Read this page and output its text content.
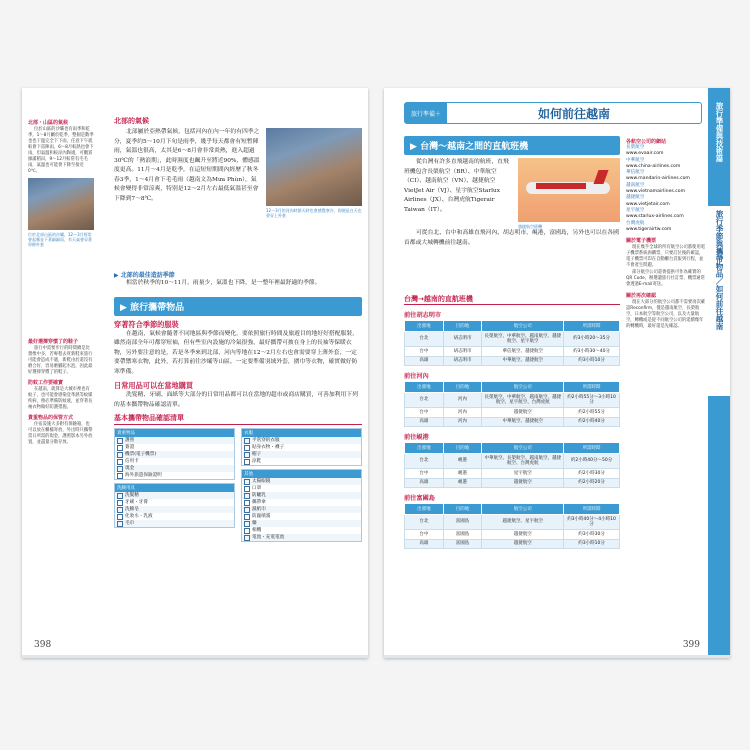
北部・山區的氣候

位於山區的沙壩也有雨季和乾季，1～8月屬於乾季，整個是數季也也干溫完全下下雨，任意下午就較會下雷陣雨，6～8月較熱也會下雨，但氣溫和較涼內陶適，可觀賞綠滿稻田，9～12月較常有毛毛雨，氣溫也可能會下降至接近0℃。

位於北部山區的沙壩，12～3月經常會起霧並下著細細雨，有天氣會穿著厚棉外套
最好選擇穿慣了的鞋子

旅行中需要步行的時間總是比想像中多，若專程去買新鞋來旅行可能會造成不適，新鞋由於還沒有磨合好，容易磨腳起水泡，因此最好選擇穿慣了的鞋子。

防蚊工作要確實

在越南，就算是大城市裡也有蚊子，也可能會感染登革熱等蚊媒疾病，務必準備防蚊液，並穿著長袖衣物做好防護措施。

貴重物品的保管方式

住宿設施大多附有保險箱，也可以放在櫃檯寄放，外出時只攜帶當日所需的現金，護照影本另外放置，並盡量分散存放。

北部的氣候

北部屬於亞熱帶氣候，包括河內在內一年約有四季之分，夏季約5～10月下旬是雨季，幾乎每天都會有短暫陣雨，氣溫也很高，太其是6～8月會非常炎熱，進入超過30℃的「熱浪期」，此時濕度也飆升至將近90%，體感溫度更高。11月～4月是乾季，在這短短期間內經歷了秋冬春3季，1～4月會下毛毛雨（越南文為Mưa Phùn），氣候會變得非常涼爽，特別是12～2月左右最低氣溫甚至會下降到7～8℃。

12～3月的河內時節天時也會感覺寒冷，即便是白天也要穿上外套
▶ 北部的最佳造訪季節

相當於秋季的10～11月，雨量少，氣溫也下降，是一整年裡最舒適的季節。

▶ 旅行攜帶物品
穿著符合季節的服裝

在越南，氣候會隨著不同地區與季節而變化，要依照旅行時間及旅遊目的地好好搭配服裝，雖然南部全年可都穿短袖，但有些室內設施的冷氣很強，最好攜帶可披在身上的長袖等保暖衣物，另外要注意的是，若是冬季來到北部，河內等地在12～2月左右也會需要穿上薄外套，一定要帶禦寒衣物，此外，若打算前往沙壩等山區，一定要準備羽絨外套，圍巾等衣物，確實做好防寒準備。

日常用品可以在當地購買

洗髮精、牙刷、面紙等大部分的日常用品都可以在當地的超市或商店購買，可善加利用下列的基本攜帶物品確認清單。

基本攜帶物品確認清單
貴重物品
護照
簽證
機票(電子機票)
信用卡
現金
海外旅遊保險證明
洗臉用具
洗髮精
牙刷・牙膏
洗臉皂
化妝水・乳液
毛巾
衣服
平常穿的衣服
貼身衣物・襪子
帽子
涼鞋
其他
太陽眼鏡
口罩
防曬乳
攜帶傘
濕紙巾
防蟲噴霧
藥
相機
電池・充電電池
398
旅行準備＋	如何前往越南	旅行準備與技術篇
旅行季節與攜帶物品／如何前往越南
▶ 台灣～越南之間的直航班機

從台灣有許多直飛越南的航班，直飛班機包含長榮航空（BR）、中華航空（CI）、越南航空（VN）、越捷航空VietJet Air（VJ）、星宇航空Starlux Airlines（JX）、台灣虎航Tigerair Taiwan（IT）。

越捷航空班機

可從台北、台中和高雄直飛河內、胡志明市，峴港，富國島，另外也可以在各國首都或大城轉機前往越南。

各航空公司的網站
長榮航空
www.evaair.com
中華航空
www.china-airlines.com
華信航空
www.mandarin-airlines.com
越南航空
www.vietnamairlines.com
越捷航空
www.vietjetair.com
星宇航空
www.starlux-airlines.com
台灣虎航
www.tigerairtw.com
關於電子機票

現在幾乎全球的所有航空公司都使用電子機票系統詢購票，只要訂位後的確認，電子機票可印在自動櫃台頁報到行程，並不會產生問題。

部分航空公司還會提供可作為確實的QR Code，辦選遺旅行社訂票，機票通常會透過E-mail寄送。

關於再次確認

現在大部分的航空公司都不需要再次確認Reconfirm，僅是越南航空，長榮航空，日本航空等航空公司，以及大量航空，轉機或是從不同航空公司的延續幾年的轉機時，最好還是先確認。

台灣→越南的直航班機
前往胡志明市
出發地	目的地	航空公司	所需時間
台北	胡志明市	長榮航空、中華航空、越南航空、越捷航空、星宇航空	約3小時20～35分
台中	胡志明市	華信航空、越捷航空	約3小時30～40分
高雄	胡志明市	中華航空、越捷航空	約3小時10分
前往河內
出發地	目的地	航空公司	所需時間
台北	河內	長榮航空、中華航空、越南航空、越捷航空、星宇航空、台灣虎航	約2小時55分～3小時10分
台中	河內	越捷航空	約2小時55分
高雄	河內	中華航空、越捷航空	約2小時40分
前往峴港
出發地	目的地	航空公司	所需時間
台北	峴港	中華航空、長榮航空、越南航空、越捷航空、台灣虎航	約2小時40分～50分
台中	峴港	星宇航空	約2小時30分
高雄	峴港	越捷航空	約2小時20分
前往富國島
出發地	目的地	航空公司	所需時間
台北	富國島	越捷航空、星宇航空	約3小時40分～4小時10分
台中	富國島	越捷航空	約3小時30分
高雄	富國島	越捷航空	約3小時10分
399
